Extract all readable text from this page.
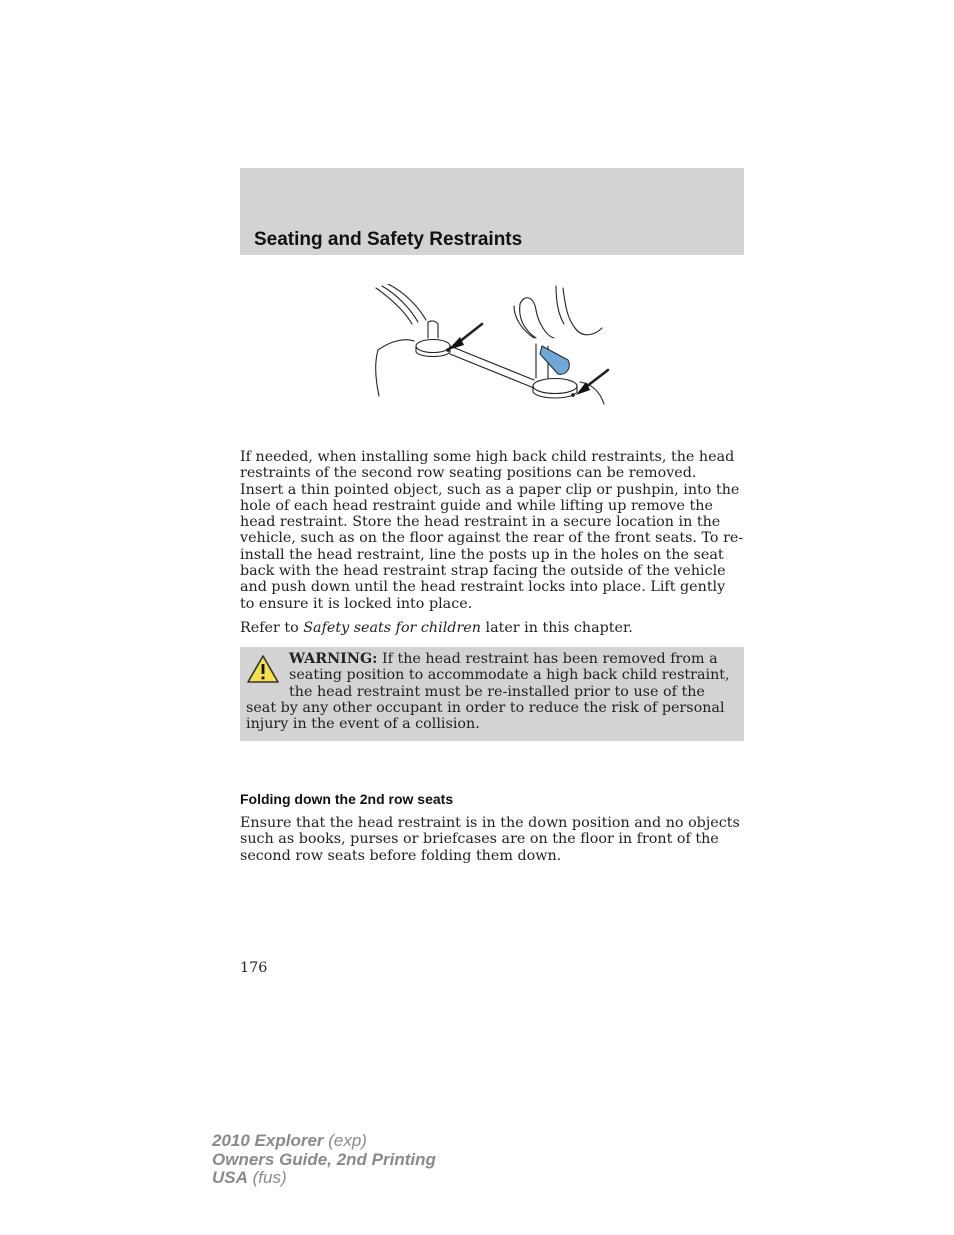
Seating and Safety Restraints

If needed, when installing some high back child restraints, the head restraints of the second row seating positions can be removed. Insert a thin pointed object, such as a paper clip or pushpin, into the hole of each head restraint guide and while lifting up remove the head restraint. Store the head restraint in a secure location in the vehicle, such as on the floor against the rear of the front seats. To re-install the head restraint, line the posts up in the holes on the seat back with the head restraint strap facing the outside of the vehicle and push down until the head restraint locks into place. Lift gently to ensure it is locked into place.

Refer to Safety seats for children later in this chapter.

WARNING: If the head restraint has been removed from a seating position to accommodate a high back child restraint, the head restraint must be re-installed prior to use of the seat by any other occupant in order to reduce the risk of personal injury in the event of a collision.
Folding down the 2nd row seats

Ensure that the head restraint is in the down position and no objects such as books, purses or briefcases are on the floor in front of the second row seats before folding them down.

176
2010 Explorer (exp)
Owners Guide, 2nd Printing
USA (fus)
